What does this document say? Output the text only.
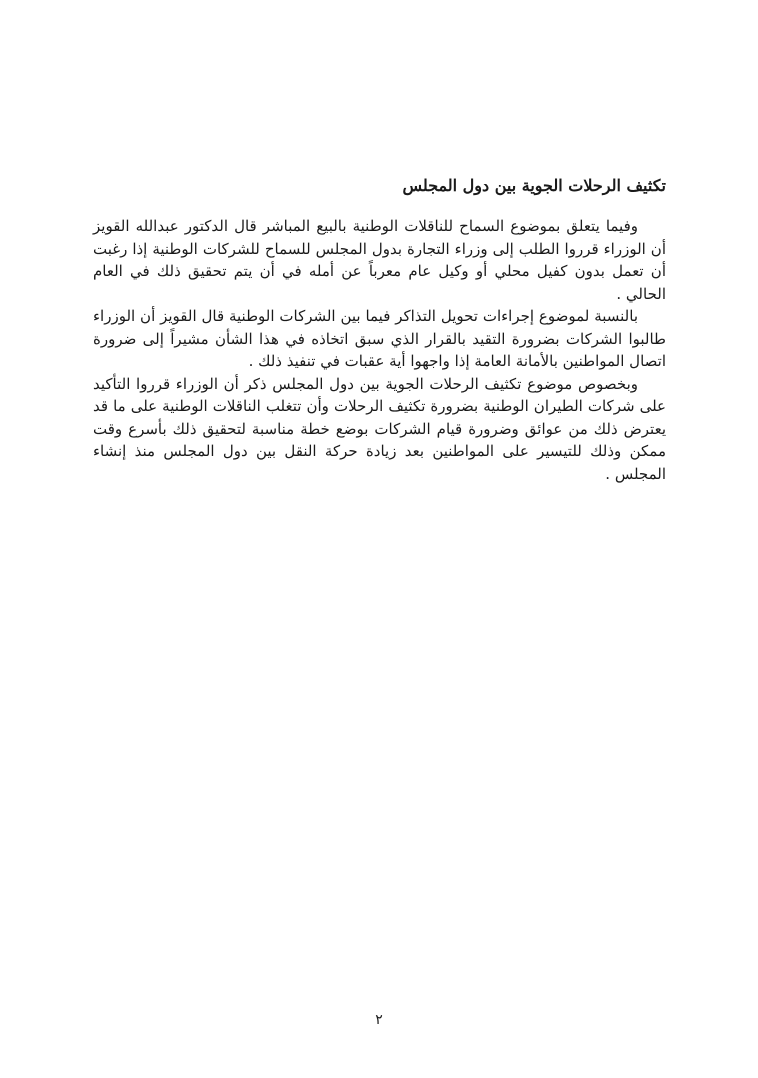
تكثيف الرحلات الجوية بين دول المجلس

وفيما يتعلق بموضوع السماح للناقلات الوطنية بالبيع المباشر قال الدكتور عبدالله القويز أن الوزراء قرروا الطلب إلى وزراء التجارة بدول المجلس للسماح للشركات الوطنية إذا رغبت أن تعمل بدون كفيل محلي أو وكيل عام معرباً عن أمله في أن يتم تحقيق ذلك في العام الحالي .

بالنسبة لموضوع إجراءات تحويل التذاكر فيما بين الشركات الوطنية قال القويز أن الوزراء طالبوا الشركات بضرورة التقيد بالقرار الذي سبق اتخاذه في هذا الشأن مشيراً إلى ضرورة اتصال المواطنين بالأمانة العامة إذا واجهوا أية عقبات في تنفيذ ذلك .

وبخصوص موضوع تكثيف الرحلات الجوية بين دول المجلس ذكر أن الوزراء قرروا التأكيد على شركات الطيران الوطنية بضرورة تكثيف الرحلات وأن تتغلب الناقلات الوطنية على ما قد يعترض ذلك من عوائق وضرورة قيام الشركات بوضع خطة مناسبة لتحقيق ذلك بأسرع وقت ممكن وذلك للتيسير على المواطنين بعد زيادة حركة النقل بين دول المجلس منذ إنشاء المجلس .

٢
